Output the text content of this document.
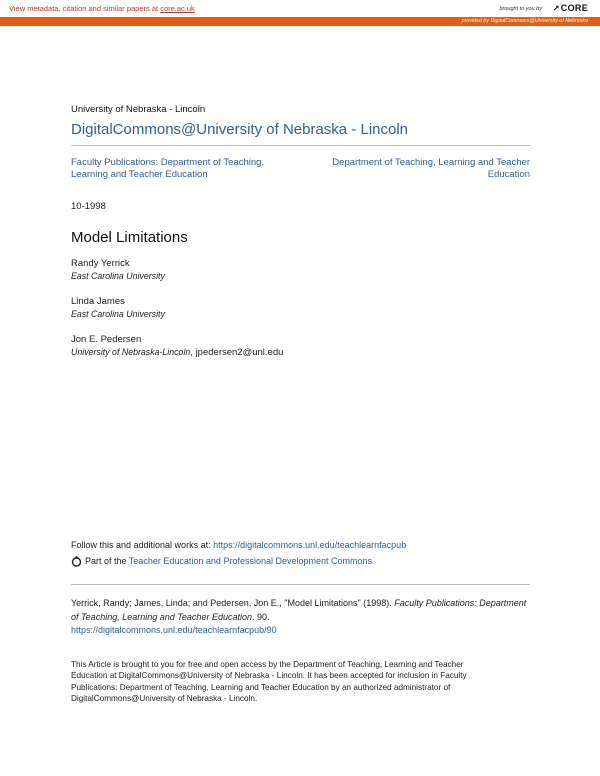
View metadata, citation and similar papers at core.ac.uk	brought to you by ↗CORE
provided by DigitalCommons@University of Nebraska
University of Nebraska - Lincoln
DigitalCommons@University of Nebraska - Lincoln
Faculty Publications: Department of Teaching, Learning and Teacher Education
Department of Teaching, Learning and Teacher Education
10-1998
Model Limitations
Randy Yerrick
East Carolina University
Linda James
East Carolina University
Jon E. Pedersen
University of Nebraska-Lincoln, jpedersen2@unl.edu
Follow this and additional works at: https://digitalcommons.unl.edu/teachlearnfacpub
Part of the Teacher Education and Professional Development Commons
Yerrick, Randy; James, Linda; and Pedersen, Jon E., "Model Limitations" (1998). Faculty Publications: Department of Teaching, Learning and Teacher Education. 90.
https://digitalcommons.unl.edu/teachlearnfacpub/90
This Article is brought to you for free and open access by the Department of Teaching, Learning and Teacher Education at DigitalCommons@University of Nebraska - Lincoln. It has been accepted for inclusion in Faculty Publications: Department of Teaching, Learning and Teacher Education by an authorized administrator of DigitalCommons@University of Nebraska - Lincoln.
